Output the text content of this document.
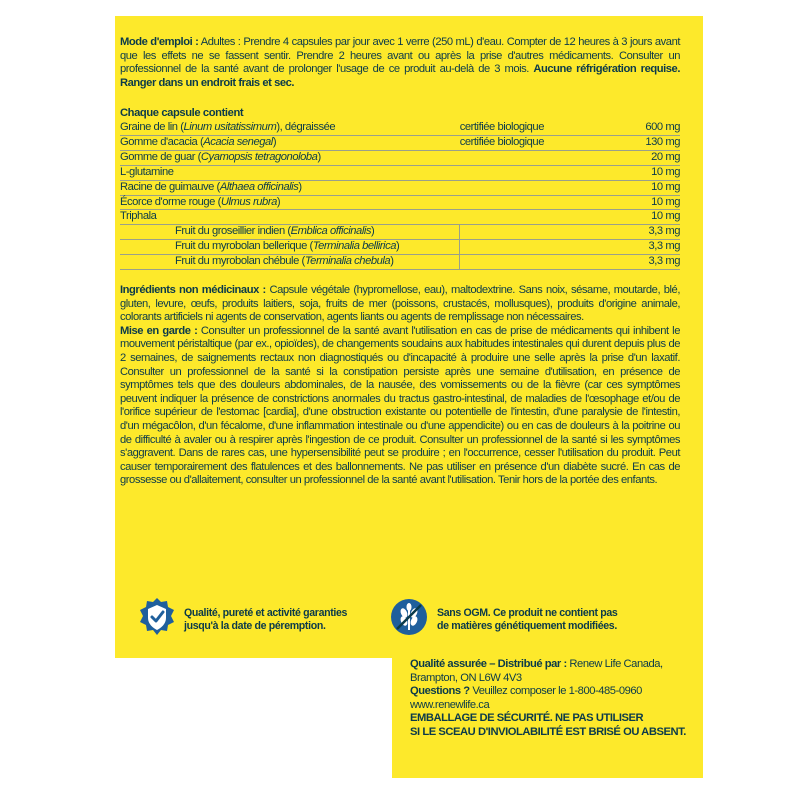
Mode d'emploi : Adultes : Prendre 4 capsules par jour avec 1 verre (250 mL) d'eau. Compter de 12 heures à 3 jours avant que les effets ne se fassent sentir. Prendre 2 heures avant ou après la prise d'autres médicaments. Consulter un professionnel de la santé avant de prolonger l'usage de ce produit au-delà de 3 mois. Aucune réfrigération requise. Ranger dans un endroit frais et sec.
Chaque capsule contient
Graine de lin (Linum usitatissimum), dégraissée	certifiée biologique	600 mg
Gomme d'acacia (Acacia senegal)	certifiée biologique	130 mg
Gomme de guar (Cyamopsis tetragonoloba)		20 mg
L-glutamine		10 mg
Racine de guimauve (Althaea officinalis)		10 mg
Écorce d'orme rouge (Ulmus rubra)		10 mg
Triphala		10 mg
Fruit du groseillier indien (Emblica officinalis)		3,3 mg
Fruit du myrobolan bellerique (Terminalia bellirica)		3,3 mg
Fruit du myrobolan chébule (Terminalia chebula)		3,3 mg
Ingrédients non médicinaux : Capsule végétale (hypromellose, eau), maltodextrine. Sans noix, sésame, moutarde, blé, gluten, levure, œufs, produits laitiers, soja, fruits de mer (poissons, crustacés, mollusques), produits d'origine animale, colorants artificiels ni agents de conservation, agents liants ou agents de remplissage non nécessaires.
Mise en garde : Consulter un professionnel de la santé avant l'utilisation en cas de prise de médicaments qui inhibent le mouvement péristaltique (par ex., opioïdes), de changements soudains aux habitudes intestinales qui durent depuis plus de 2 semaines, de saignements rectaux non diagnostiqués ou d'incapacité à produire une selle après la prise d'un laxatif. Consulter un professionnel de la santé si la constipation persiste après une semaine d'utilisation, en présence de symptômes tels que des douleurs abdominales, de la nausée, des vomissements ou de la fièvre (car ces symptômes peuvent indiquer la présence de constrictions anormales du tractus gastro-intestinal, de maladies de l'œsophage et/ou de l'orifice supérieur de l'estomac [cardia], d'une obstruction existante ou potentielle de l'intestin, d'une paralysie de l'intestin, d'un mégacôlon, d'un fécalome, d'une inflammation intestinale ou d'une appendicite) ou en cas de douleurs à la poitrine ou de difficulté à avaler ou à respirer après l'ingestion de ce produit. Consulter un professionnel de la santé si les symptômes s'aggravent. Dans de rares cas, une hypersensibilité peut se produire ; en l'occurrence, cesser l'utilisation du produit. Peut causer temporairement des flatulences et des ballonnements. Ne pas utiliser en présence d'un diabète sucré. En cas de grossesse ou d'allaitement, consulter un professionnel de la santé avant l'utilisation. Tenir hors de la portée des enfants.
Qualité, pureté et activité garanties
jusqu'à la date de péremption.
Sans OGM. Ce produit ne contient pas
de matières génétiquement modifiées.
Qualité assurée – Distribué par : Renew Life Canada,
Brampton, ON L6W 4V3
Questions ? Veuillez composer le 1-800-485-0960
www.renewlife.ca
EMBALLAGE DE SÉCURITÉ. NE PAS UTILISER
SI LE SCEAU D'INVIOLABILITÉ EST BRISÉ OU ABSENT.
